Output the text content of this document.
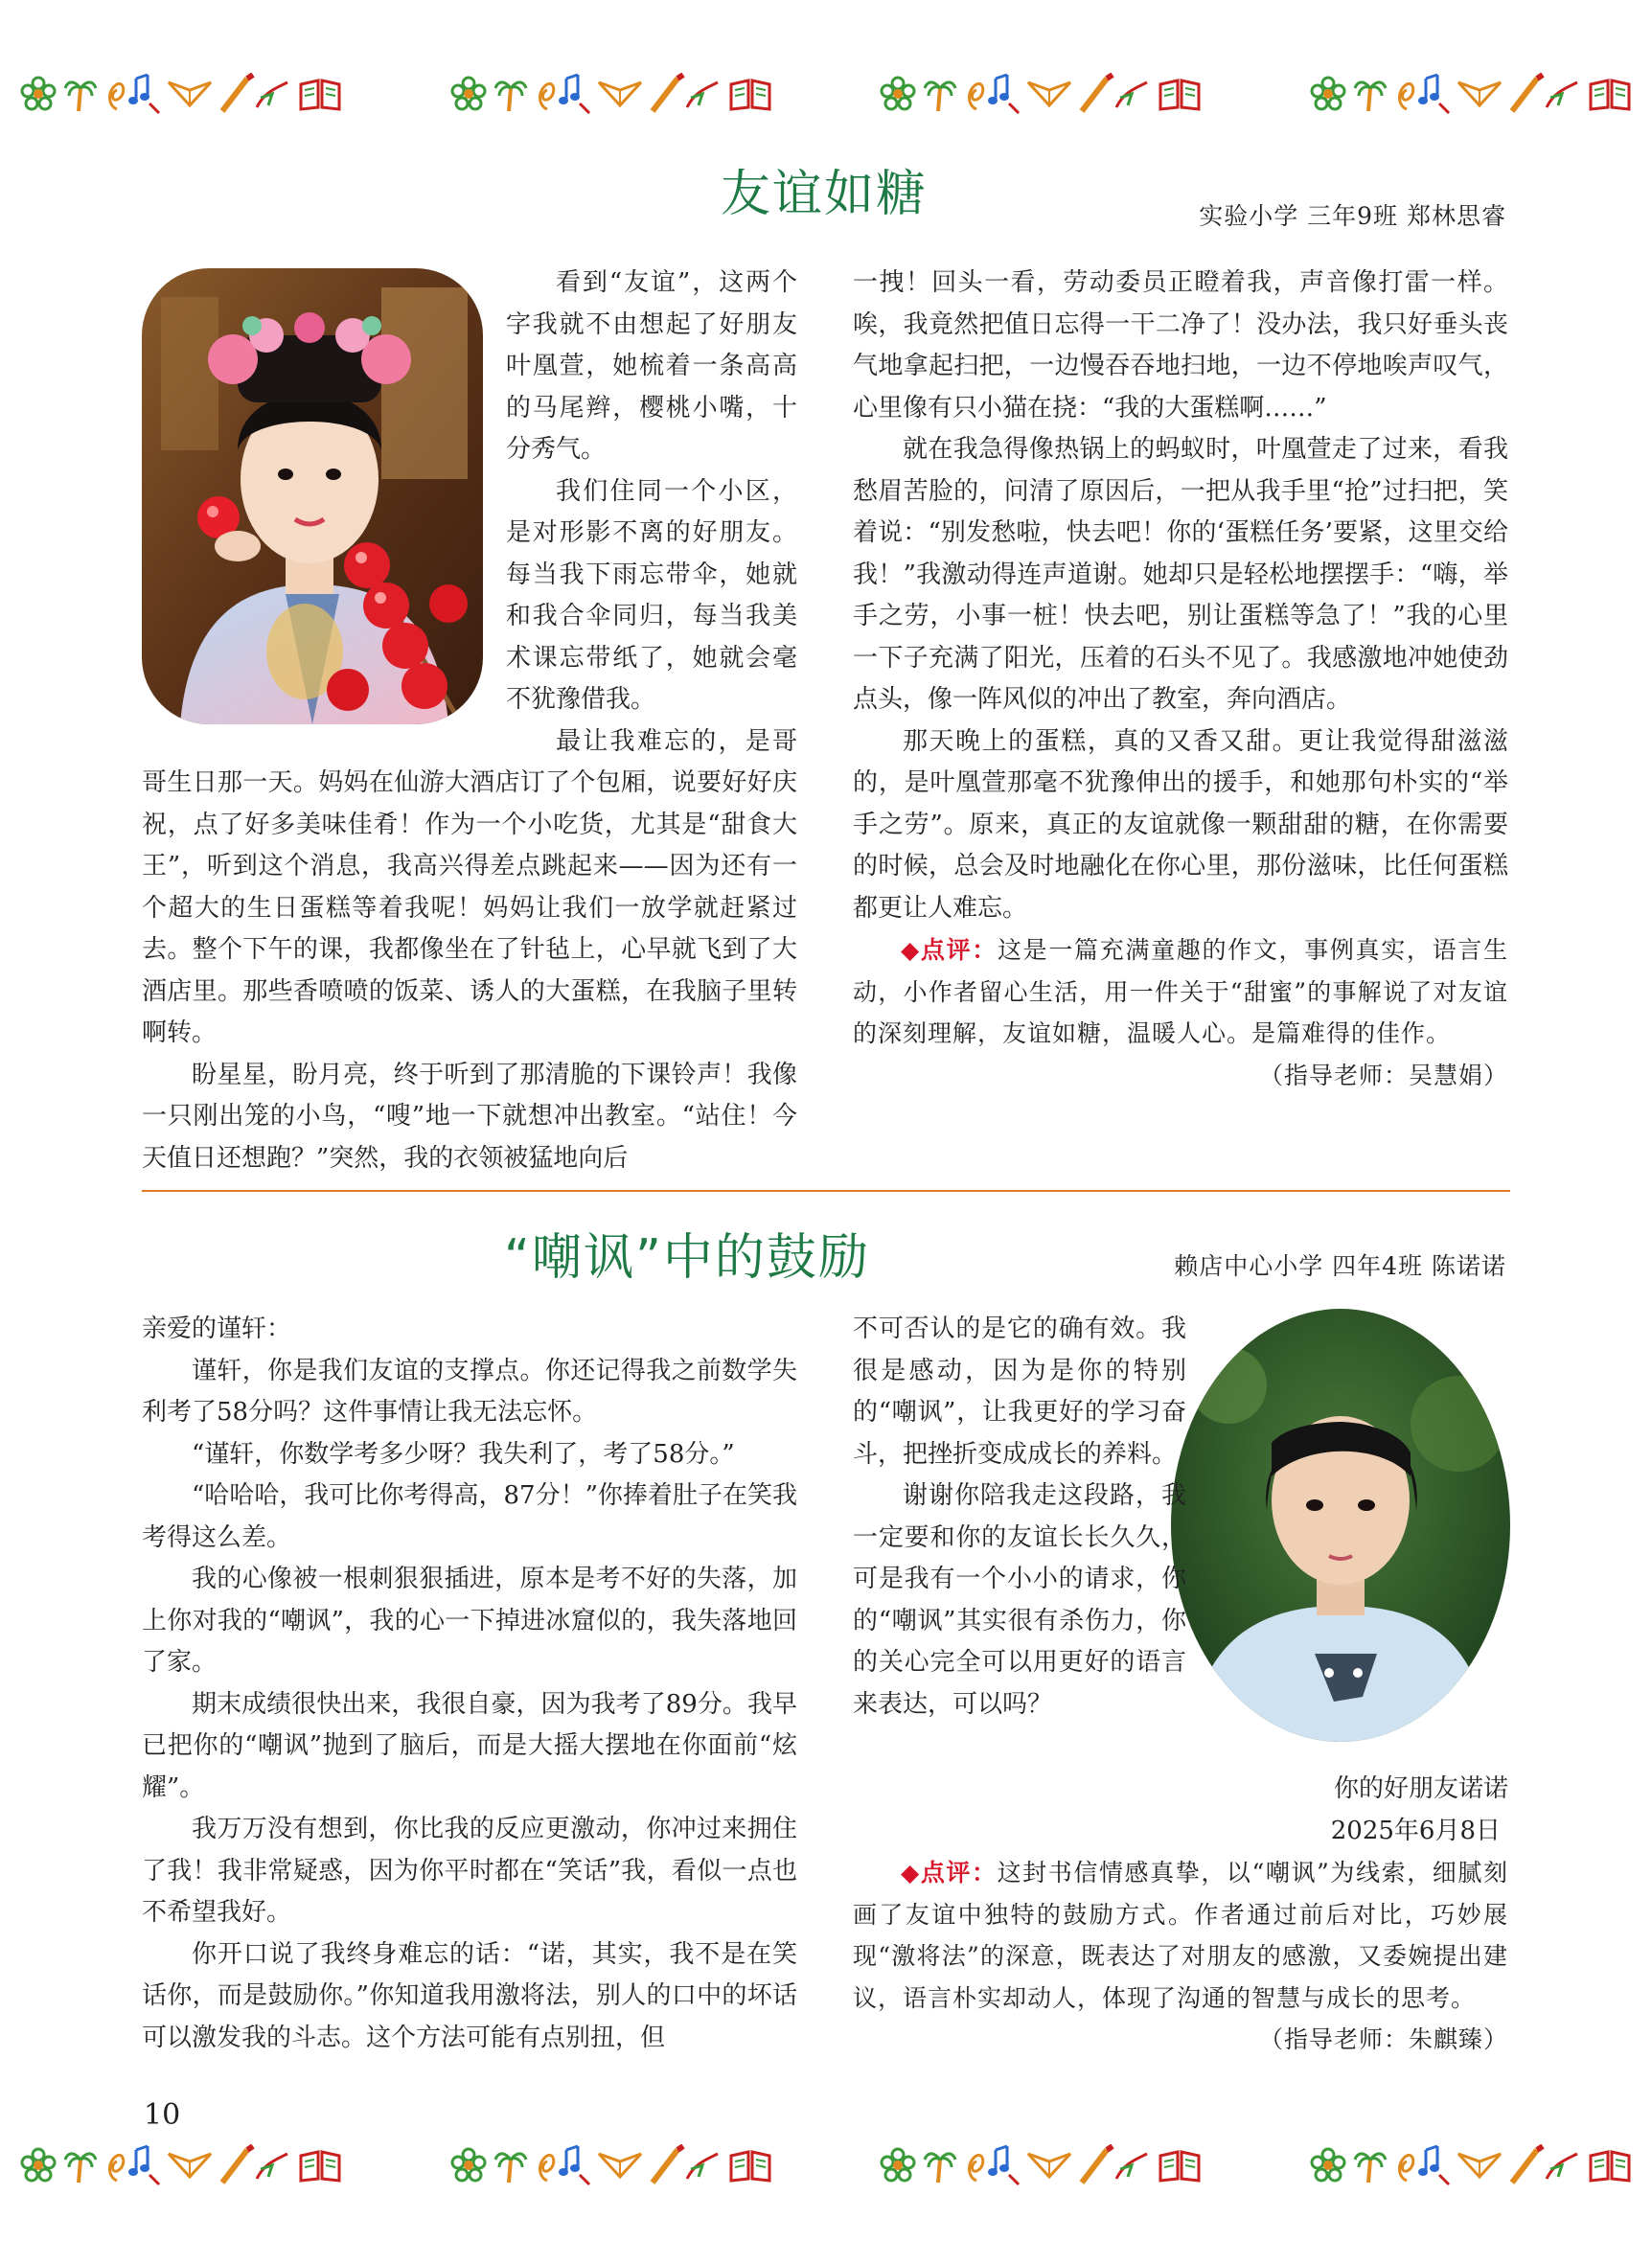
友谊如糖	实验小学 三年9班 郑林思睿

看到“友谊”，这两个字我就不由想起了好朋友叶凰萱，她梳着一条高高的马尾辫，樱桃小嘴，十分秀气。

我们住同一个小区，是对形影不离的好朋友。每当我下雨忘带伞，她就和我合伞同归，每当我美术课忘带纸了，她就会毫不犹豫借我。

最让我难忘的，是哥哥生日那一天。妈妈在仙游大酒店订了个包厢，说要好好庆祝，点了好多美味佳肴！作为一个小吃货，尤其是“甜食大王”，听到这个消息，我高兴得差点跳起来——因为还有一个超大的生日蛋糕等着我呢！妈妈让我们一放学就赶紧过去。整个下午的课，我都像坐在了针毡上，心早就飞到了大酒店里。那些香喷喷的饭菜、诱人的大蛋糕，在我脑子里转啊转。

盼星星，盼月亮，终于听到了那清脆的下课铃声！我像一只刚出笼的小鸟，“嗖”地一下就想冲出教室。“站住！今天值日还想跑？”突然，我的衣领被猛地向后

一拽！回头一看，劳动委员正瞪着我，声音像打雷一样。唉，我竟然把值日忘得一干二净了！没办法，我只好垂头丧气地拿起扫把，一边慢吞吞地扫地，一边不停地唉声叹气，心里像有只小猫在挠：“我的大蛋糕啊……”

就在我急得像热锅上的蚂蚁时，叶凰萱走了过来，看我愁眉苦脸的，问清了原因后，一把从我手里“抢”过扫把，笑着说：“别发愁啦，快去吧！你的‘蛋糕任务’要紧，这里交给我！”我激动得连声道谢。她却只是轻松地摆摆手：“嗨，举手之劳，小事一桩！快去吧，别让蛋糕等急了！”我的心里一下子充满了阳光，压着的石头不见了。我感激地冲她使劲点头，像一阵风似的冲出了教室，奔向酒店。

那天晚上的蛋糕，真的又香又甜。更让我觉得甜滋滋的，是叶凰萱那毫不犹豫伸出的援手，和她那句朴实的“举手之劳”。原来，真正的友谊就像一颗甜甜的糖，在你需要的时候，总会及时地融化在你心里，那份滋味，比任何蛋糕都更让人难忘。

◆点评：这是一篇充满童趣的作文，事例真实，语言生动，小作者留心生活，用一件关于“甜蜜”的事解说了对友谊的深刻理解，友谊如糖，温暖人心。是篇难得的佳作。
（指导老师：吴慧娟）

“嘲讽”中的鼓励	赖店中心小学 四年4班 陈诺诺

亲爱的谨轩：

谨轩，你是我们友谊的支撑点。你还记得我之前数学失利考了58分吗？这件事情让我无法忘怀。

“谨轩，你数学考多少呀？我失利了，考了58分。”

“哈哈哈，我可比你考得高，87分！”你捧着肚子在笑我考得这么差。

我的心像被一根刺狠狠插进，原本是考不好的失落，加上你对我的“嘲讽”，我的心一下掉进冰窟似的，我失落地回了家。

期末成绩很快出来，我很自豪，因为我考了89分。我早已把你的“嘲讽”抛到了脑后，而是大摇大摆地在你面前“炫耀”。

我万万没有想到，你比我的反应更激动，你冲过来拥住了我！我非常疑惑，因为你平时都在“笑话”我，看似一点也不希望我好。

你开口说了我终身难忘的话：“诺，其实，我不是在笑话你，而是鼓励你。”你知道我用激将法，别人的口中的坏话可以激发我的斗志。这个方法可能有点别扭，但

不可否认的是它的确有效。我很是感动，因为是你的特别的“嘲讽”，让我更好的学习奋斗，把挫折变成成长的养料。

谢谢你陪我走这段路，我一定要和你的友谊长长久久，可是我有一个小小的请求，你的“嘲讽”其实很有杀伤力，你的关心完全可以用更好的语言来表达，可以吗？

你的好朋友诺诺

2025年6月8日

◆点评：这封书信情感真挚，以“嘲讽”为线索，细腻刻画了友谊中独特的鼓励方式。作者通过前后对比，巧妙展现“激将法”的深意，既表达了对朋友的感激，又委婉提出建议，语言朴实却动人，体现了沟通的智慧与成长的思考。
（指导老师：朱麒臻）

10
